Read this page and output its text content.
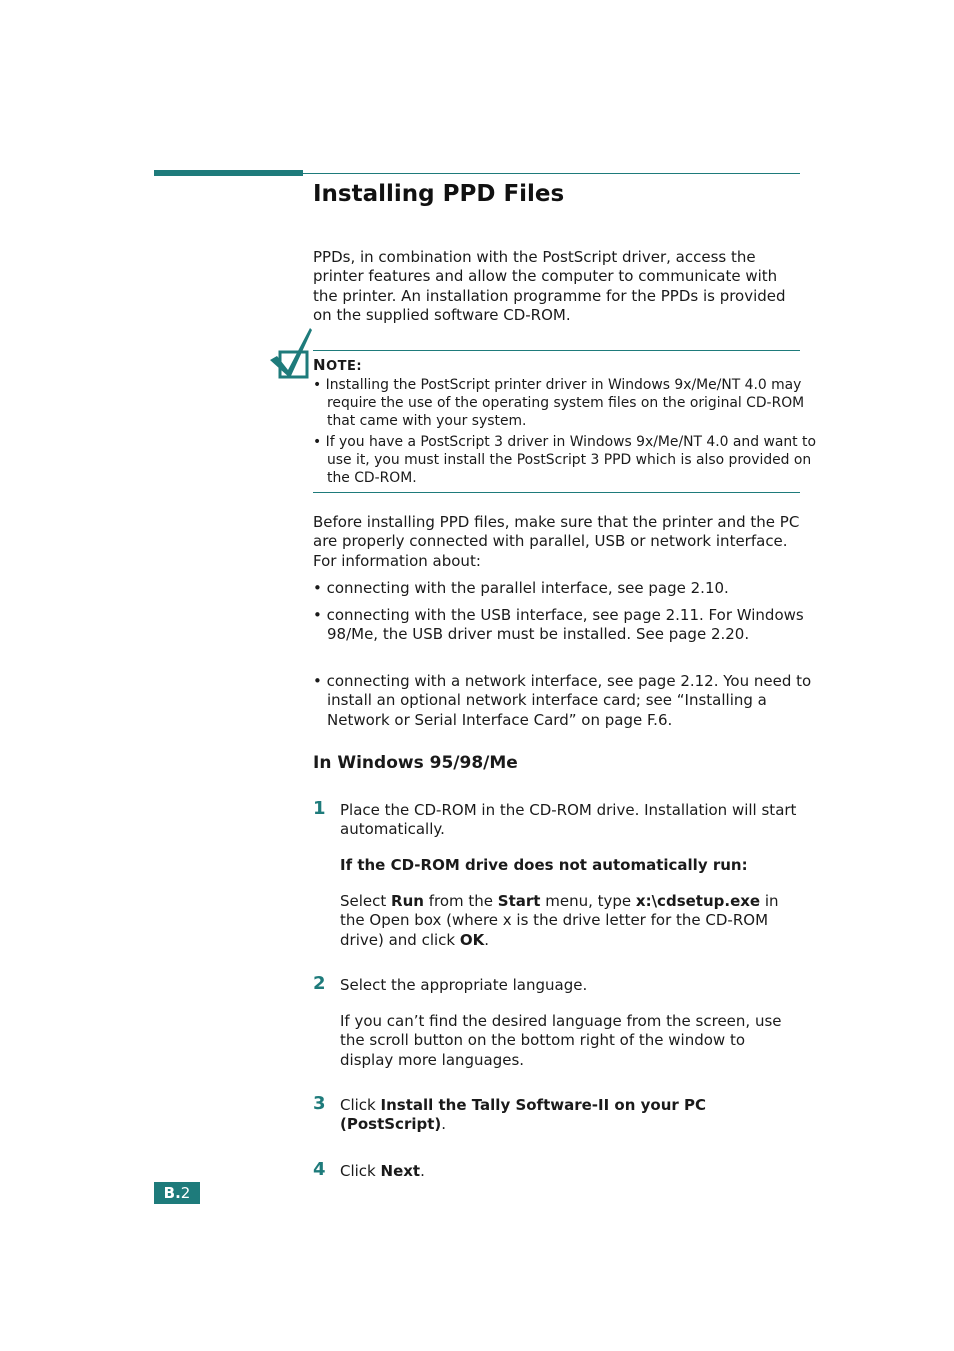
Installing PPD Files

PPDs, in combination with the PostScript driver, access the printer features and allow the computer to communicate with the printer. An installation programme for the PPDs is provided on the supplied software CD-ROM.

NOTE:

• Installing the PostScript printer driver in Windows 9x/Me/NT 4.0 may require the use of the operating system files on the original CD-ROM that came with your system.

• If you have a PostScript 3 driver in Windows 9x/Me/NT 4.0 and want to use it, you must install the PostScript 3 PPD which is also provided on the CD-ROM.

Before installing PPD files, make sure that the printer and the PC are properly connected with parallel, USB or network interface. For information about:

• connecting with the parallel interface, see page 2.10.

• connecting with the USB interface, see page 2.11. For Windows 98/Me, the USB driver must be installed. See page 2.20.

• connecting with a network interface, see page 2.12. You need to install an optional network interface card; see “Installing a Network or Serial Interface Card” on page F.6.

In Windows 95/98/Me
1 Place the CD-ROM in the CD-ROM drive. Installation will start automatically.

If the CD-ROM drive does not automatically run:

Select Run from the Start menu, type x:\cdsetup.exe in the Open box (where x is the drive letter for the CD-ROM drive) and click OK.

2 Select the appropriate language.

If you can’t find the desired language from the screen, use the scroll button on the bottom right of the window to display more languages.

3 Click Install the Tally Software-II on your PC (PostScript).

4 Click Next.

B.2
